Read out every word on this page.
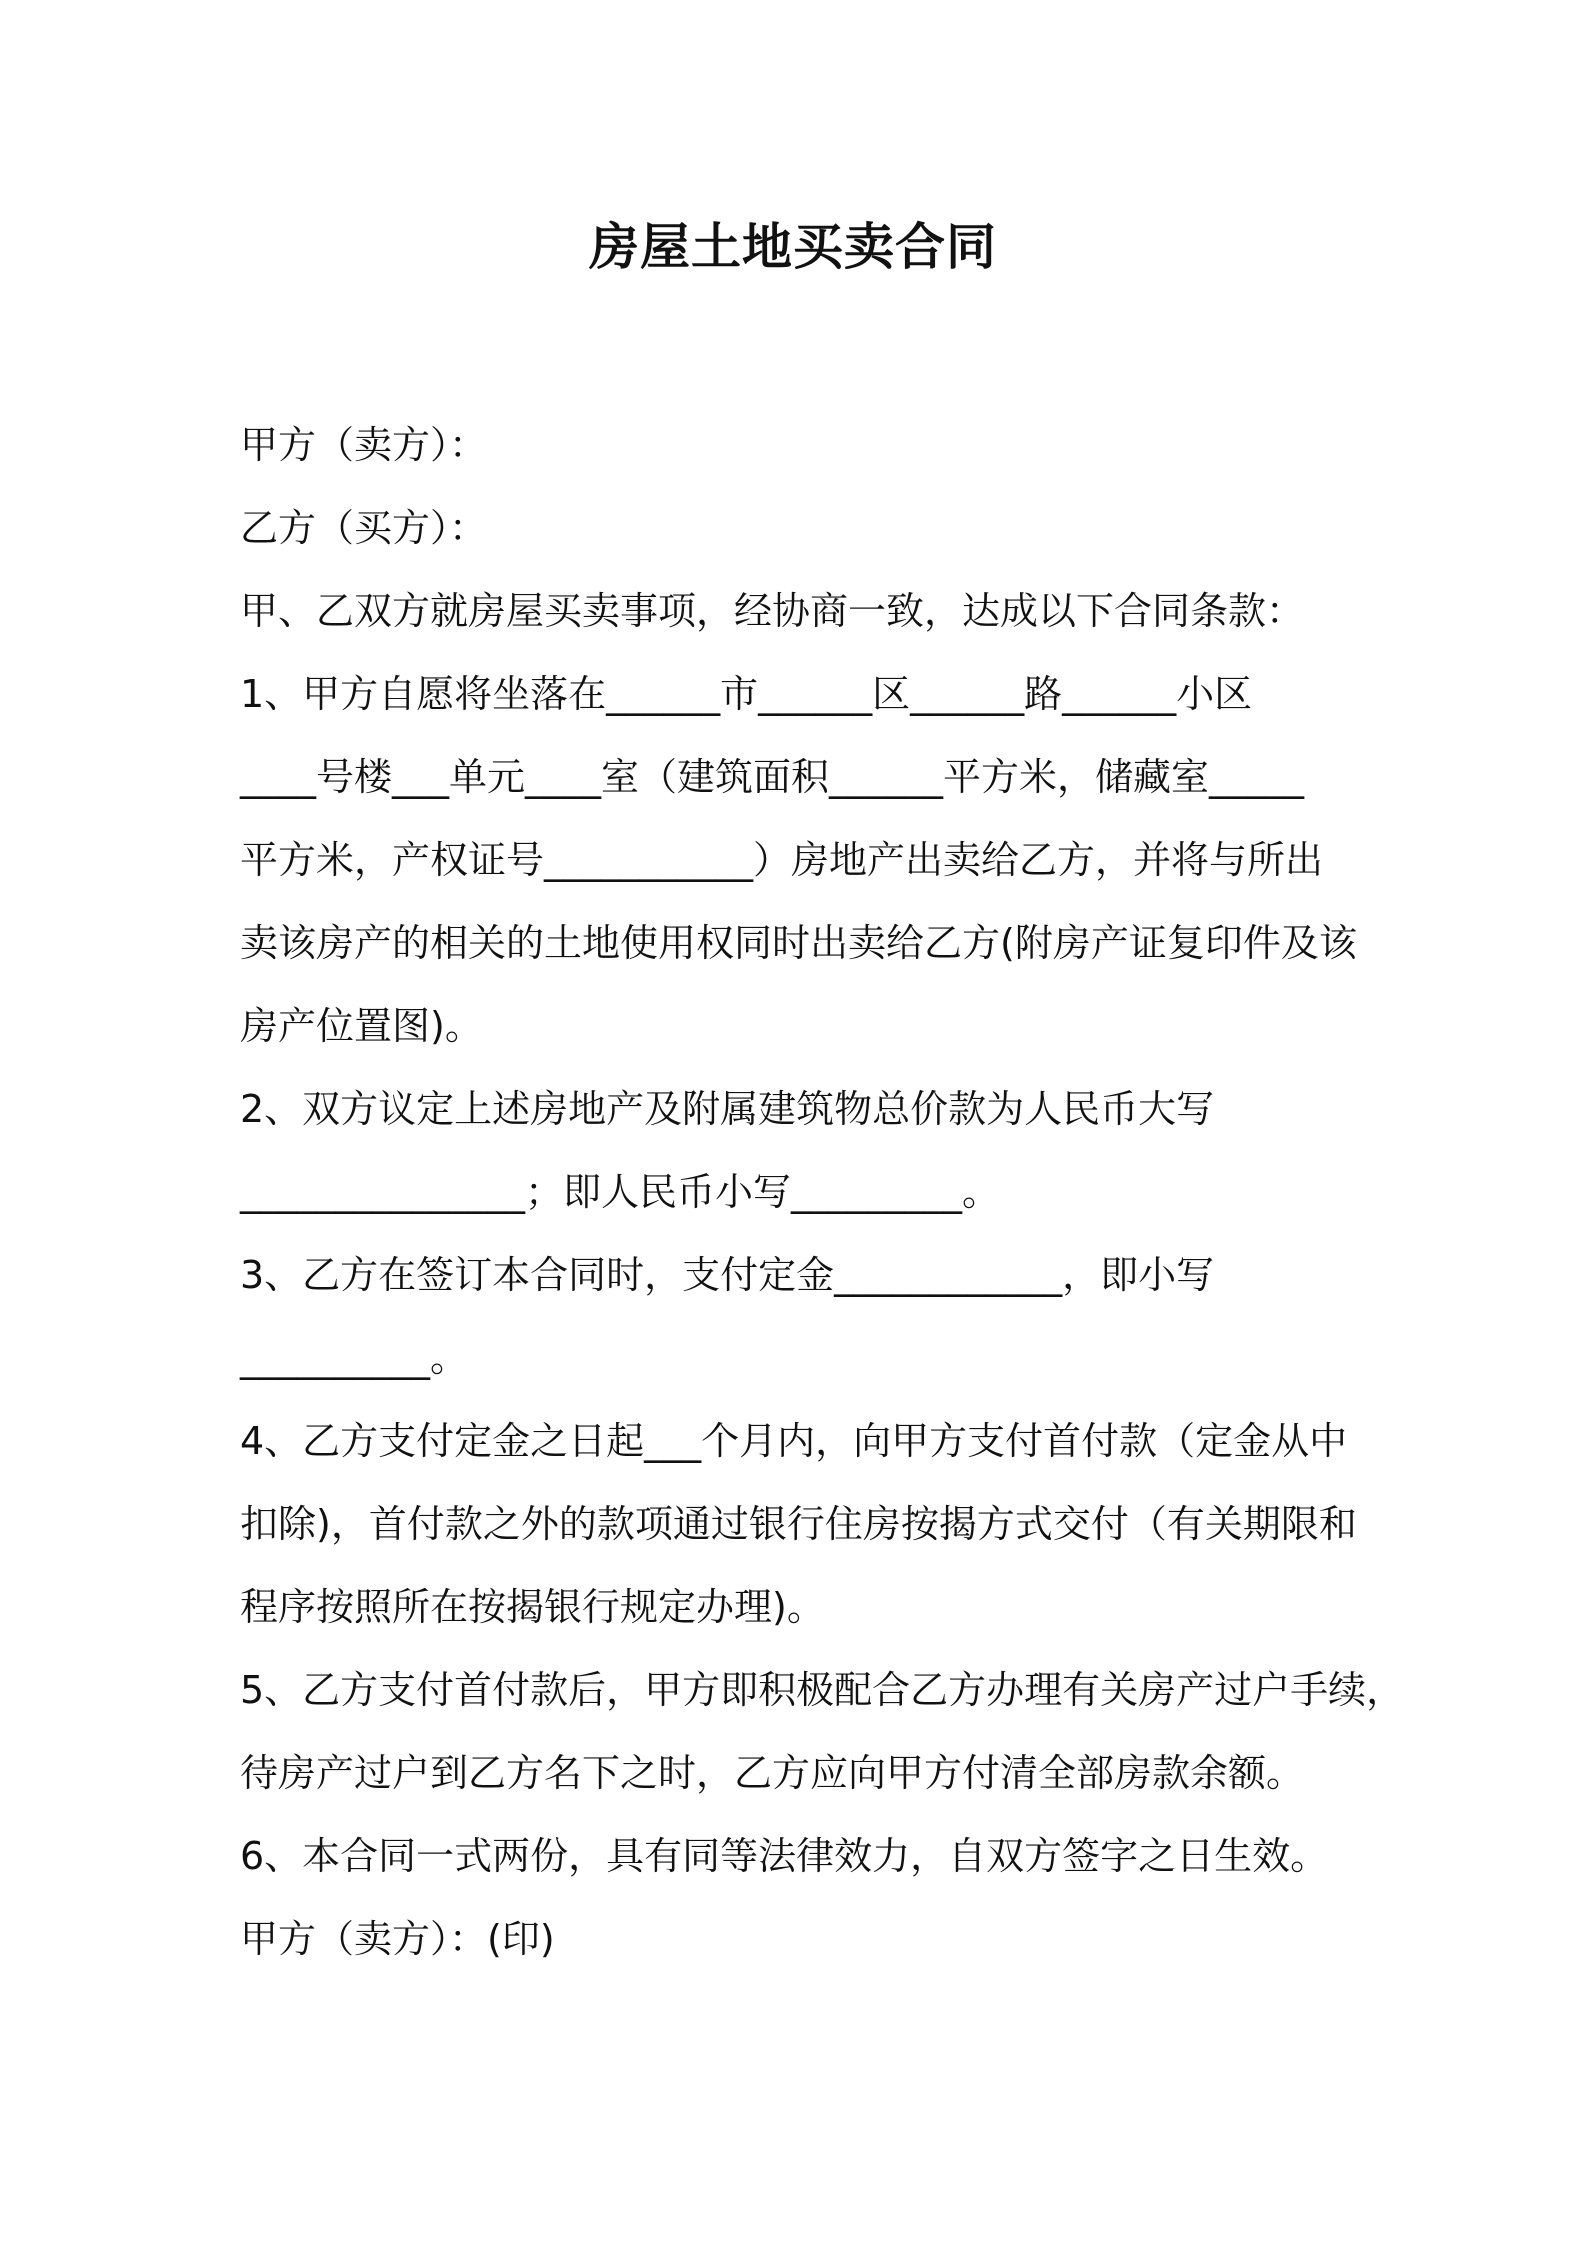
房屋土地买卖合同
甲方（卖方）：
乙方（买方）：
甲、乙双方就房屋买卖事项，经协商一致，达成以下合同条款：
1、甲方自愿将坐落在______市______区______路______小区
____号楼___单元____室（建筑面积______平方米，储藏室_____
平方米，产权证号___________）房地产出卖给乙方，并将与所出
卖该房产的相关的土地使用权同时出卖给乙方(附房产证复印件及该
房产位置图)。
2、双方议定上述房地产及附属建筑物总价款为人民币大写
_______________；即人民币小写_________。
3、乙方在签订本合同时，支付定金____________，即小写
__________。
4、乙方支付定金之日起___个月内，向甲方支付首付款（定金从中
扣除)，首付款之外的款项通过银行住房按揭方式交付（有关期限和
程序按照所在按揭银行规定办理)。
5、乙方支付首付款后，甲方即积极配合乙方办理有关房产过户手续，
待房产过户到乙方名下之时，乙方应向甲方付清全部房款余额。
6、本合同一式两份，具有同等法律效力，自双方签字之日生效。
甲方（卖方）：(印)
